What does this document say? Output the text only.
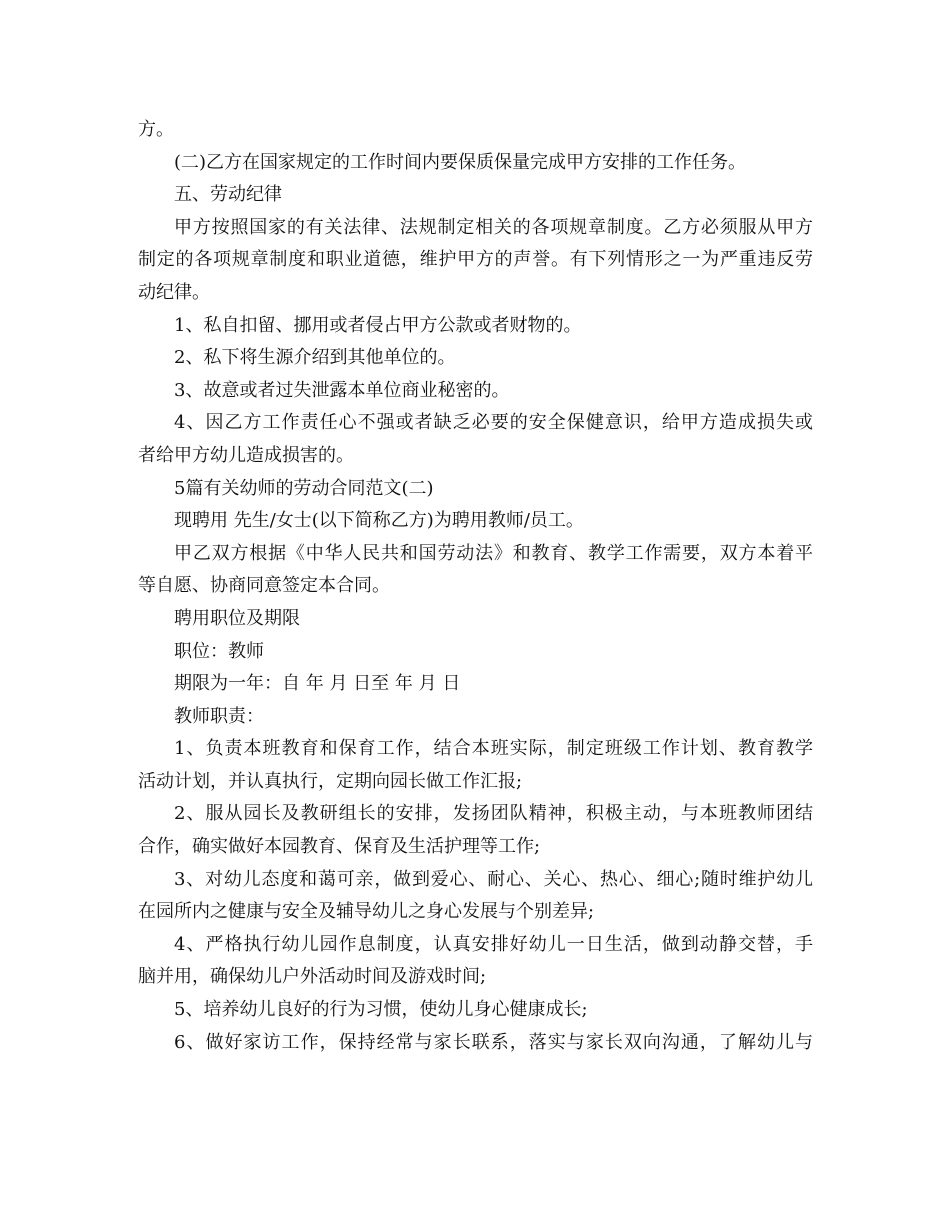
方。
(二)乙方在国家规定的工作时间内要保质保量完成甲方安排的工作任务。
五、劳动纪律
甲方按照国家的有关法律、法规制定相关的各项规章制度。乙方必须服从甲方
制定的各项规章制度和职业道德，维护甲方的声誉。有下列情形之一为严重违反劳
动纪律。
1、私自扣留、挪用或者侵占甲方公款或者财物的。
2、私下将生源介绍到其他单位的。
3、故意或者过失泄露本单位商业秘密的。
4、因乙方工作责任心不强或者缺乏必要的安全保健意识，给甲方造成损失或
者给甲方幼儿造成损害的。
5篇有关幼师的劳动合同范文(二)
现聘用 先生/女士(以下简称乙方)为聘用教师/员工。
甲乙双方根据《中华人民共和国劳动法》和教育、教学工作需要，双方本着平
等自愿、协商同意签定本合同。
聘用职位及期限
职位：教师
期限为一年：自 年 月 日至 年 月 日
教师职责：
1、负责本班教育和保育工作，结合本班实际，制定班级工作计划、教育教学
活动计划，并认真执行，定期向园长做工作汇报;
2、服从园长及教研组长的安排，发扬团队精神，积极主动，与本班教师团结
合作，确实做好本园教育、保育及生活护理等工作;
3、对幼儿态度和蔼可亲，做到爱心、耐心、关心、热心、细心;随时维护幼儿
在园所内之健康与安全及辅导幼儿之身心发展与个别差异;
4、严格执行幼儿园作息制度，认真安排好幼儿一日生活，做到动静交替，手
脑并用，确保幼儿户外活动时间及游戏时间;
5、培养幼儿良好的行为习惯，使幼儿身心健康成长;
6、做好家访工作，保持经常与家长联系，落实与家长双向沟通，了解幼儿与
